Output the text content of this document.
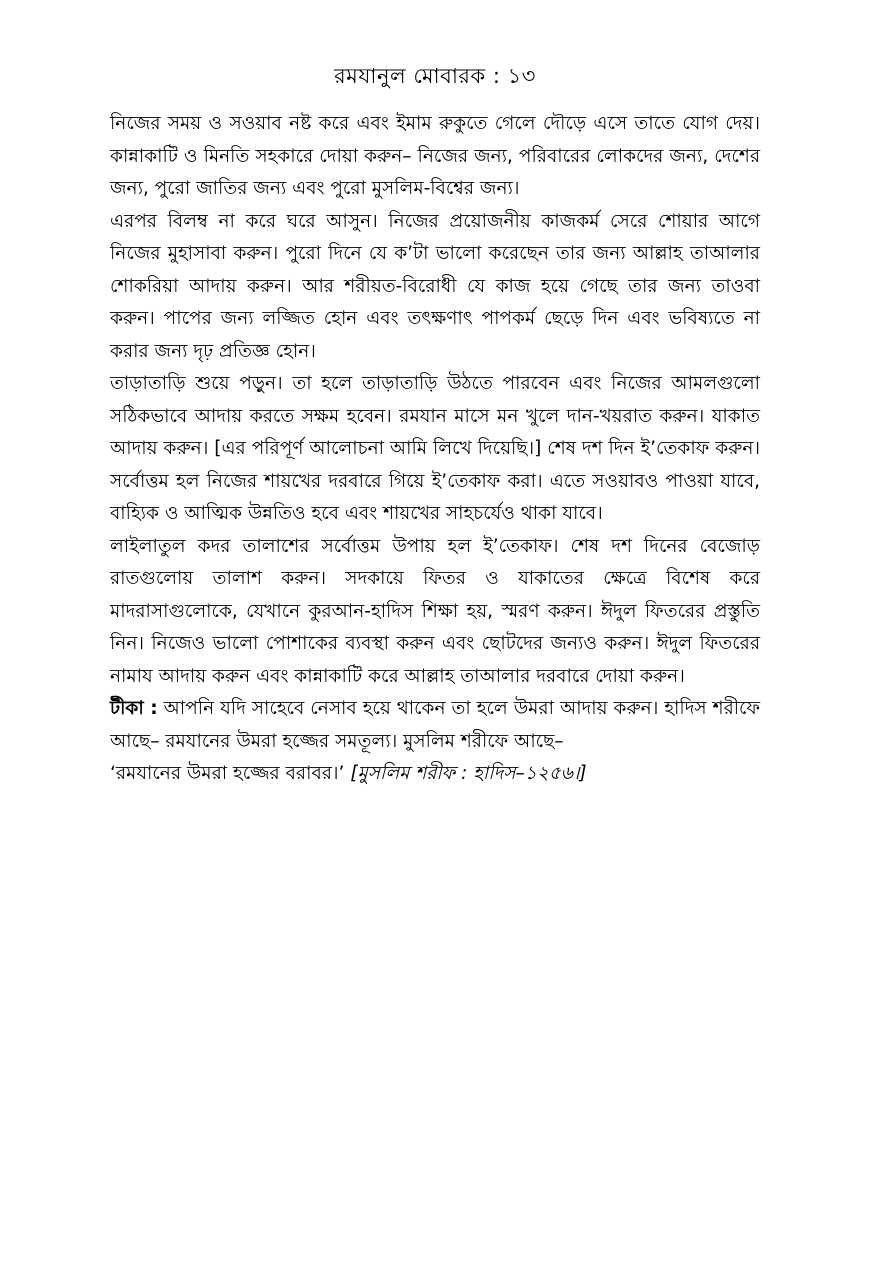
রমযানুল মোবারক : ১৩

নিজের সময় ও সওয়াব নষ্ট করে এবং ইমাম রুকুতে গেলে দৌড়ে এসে তাতে যোগ দেয়। কান্নাকাটি ও মিনতি সহকারে দোয়া করুন– নিজের জন্য, পরিবারের লোকদের জন্য, দেশের জন্য, পুরো জাতির জন্য এবং পুরো মুসলিম-বিশ্বের জন্য।

এরপর বিলম্ব না করে ঘরে আসুন। নিজের প্রয়োজনীয় কাজকর্ম সেরে শোয়ার আগে নিজের মুহাসাবা করুন। পুরো দিনে যে ক’টা ভালো করেছেন তার জন্য আল্লাহ তাআলার শোকরিয়া আদায় করুন। আর শরীয়ত-বিরোধী যে কাজ হয়ে গেছে তার জন্য তাওবা করুন। পাপের জন্য লজ্জিত হোন এবং তৎক্ষণাৎ পাপকর্ম ছেড়ে দিন এবং ভবিষ্যতে না করার জন্য দৃঢ় প্রতিজ্ঞ হোন।

তাড়াতাড়ি শুয়ে পড়ুন। তা হলে তাড়াতাড়ি উঠতে পারবেন এবং নিজের আমলগুলো সঠিকভাবে আদায় করতে সক্ষম হবেন। রমযান মাসে মন খুলে দান-খয়রাত করুন। যাকাত আদায় করুন। [এর পরিপূর্ণ আলোচনা আমি লিখে দিয়েছি।] শেষ দশ দিন ই’তেকাফ করুন। সর্বোত্তম হল নিজের শায়খের দরবারে গিয়ে ই’তেকাফ করা। এতে সওয়াবও পাওয়া যাবে, বাহ্যিক ও আত্মিক উন্নতিও হবে এবং শায়খের সাহচর্যেও থাকা যাবে।

লাইলাতুল কদর তালাশের সর্বোত্তম উপায় হল ই’তেকাফ। শেষ দশ দিনের বেজোড় রাতগুলোয় তালাশ করুন। সদকায়ে ফিতর ও যাকাতের ক্ষেত্রে বিশেষ করে মাদরাসাগুলোকে, যেখানে কুরআন-হাদিস শিক্ষা হয়, স্মরণ করুন। ঈদুল ফিতরের প্রস্তুতি নিন। নিজেও ভালো পোশাকের ব্যবস্থা করুন এবং ছোটদের জন্যও করুন। ঈদুল ফিতরের নামায আদায় করুন এবং কান্নাকাটি করে আল্লাহ তাআলার দরবারে দোয়া করুন।

টীকা : আপনি যদি সাহেবে নেসাব হয়ে থাকেন তা হলে উমরা আদায় করুন। হাদিস শরীফে আছে– রমযানের উমরা হজ্জের সমতূল্য। মুসলিম শরীফে আছে–

‘রমযানের উমরা হজ্জের বরাবর।’ [মুসলিম শরীফ : হাদিস–১২৫৬।]
